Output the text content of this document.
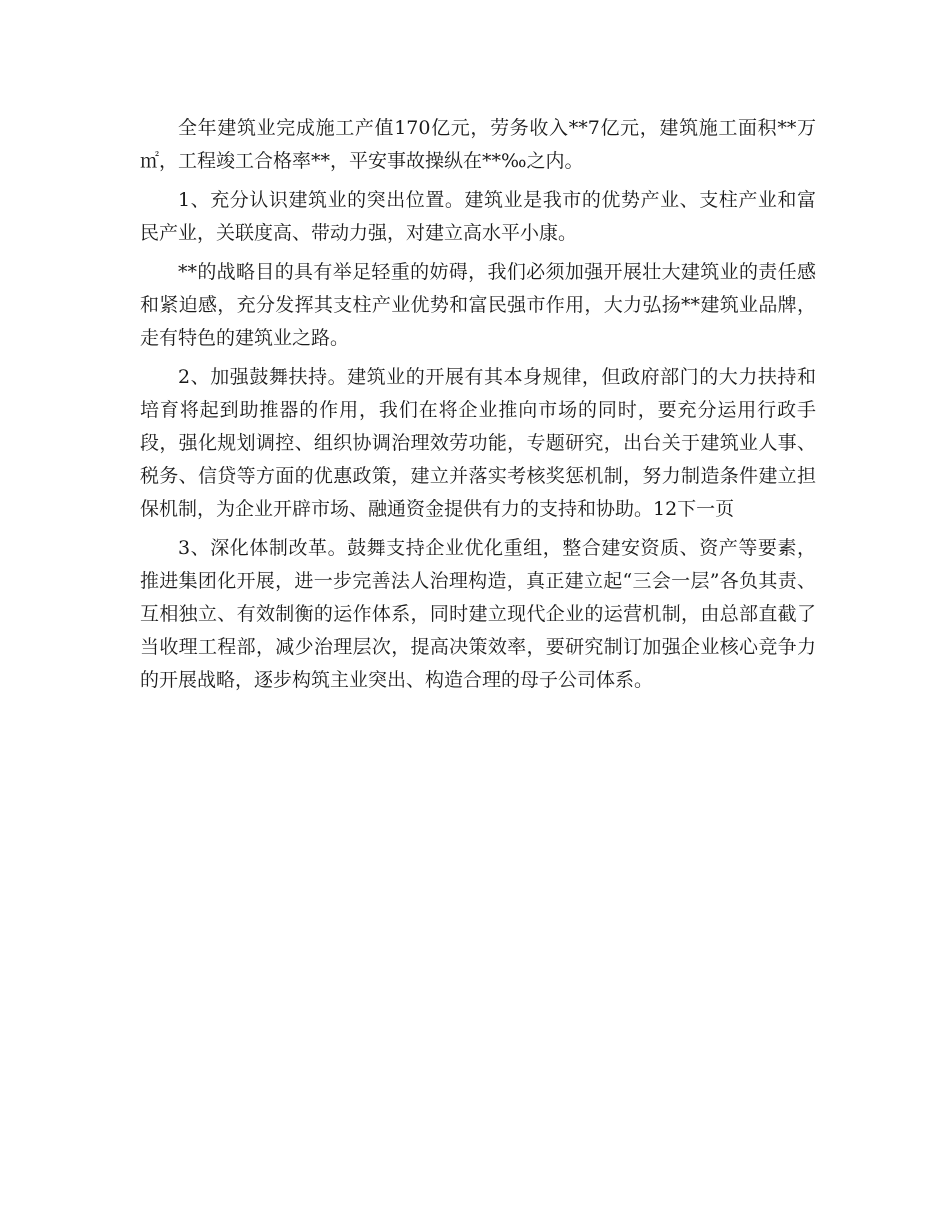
全年建筑业完成施工产值170亿元，劳务收入**7亿元，建筑施工面积**万㎡，工程竣工合格率**，平安事故操纵在**‰之内。

1、充分认识建筑业的突出位置。建筑业是我市的优势产业、支柱产业和富民产业，关联度高、带动力强，对建立高水平小康。

**的战略目的具有举足轻重的妨碍，我们必须加强开展壮大建筑业的责任感和紧迫感，充分发挥其支柱产业优势和富民强市作用，大力弘扬**建筑业品牌，走有特色的建筑业之路。

2、加强鼓舞扶持。建筑业的开展有其本身规律，但政府部门的大力扶持和培育将起到助推器的作用，我们在将企业推向市场的同时，要充分运用行政手段，强化规划调控、组织协调治理效劳功能，专题研究，出台关于建筑业人事、税务、信贷等方面的优惠政策，建立并落实考核奖惩机制，努力制造条件建立担保机制，为企业开辟市场、融通资金提供有力的支持和协助。12下一页

3、深化体制改革。鼓舞支持企业优化重组，整合建安资质、资产等要素，推进集团化开展，进一步完善法人治理构造，真正建立起“三会一层”各负其责、互相独立、有效制衡的运作体系，同时建立现代企业的运营机制，由总部直截了当收理工程部，减少治理层次，提高决策效率，要研究制订加强企业核心竞争力的开展战略，逐步构筑主业突出、构造合理的母子公司体系。
